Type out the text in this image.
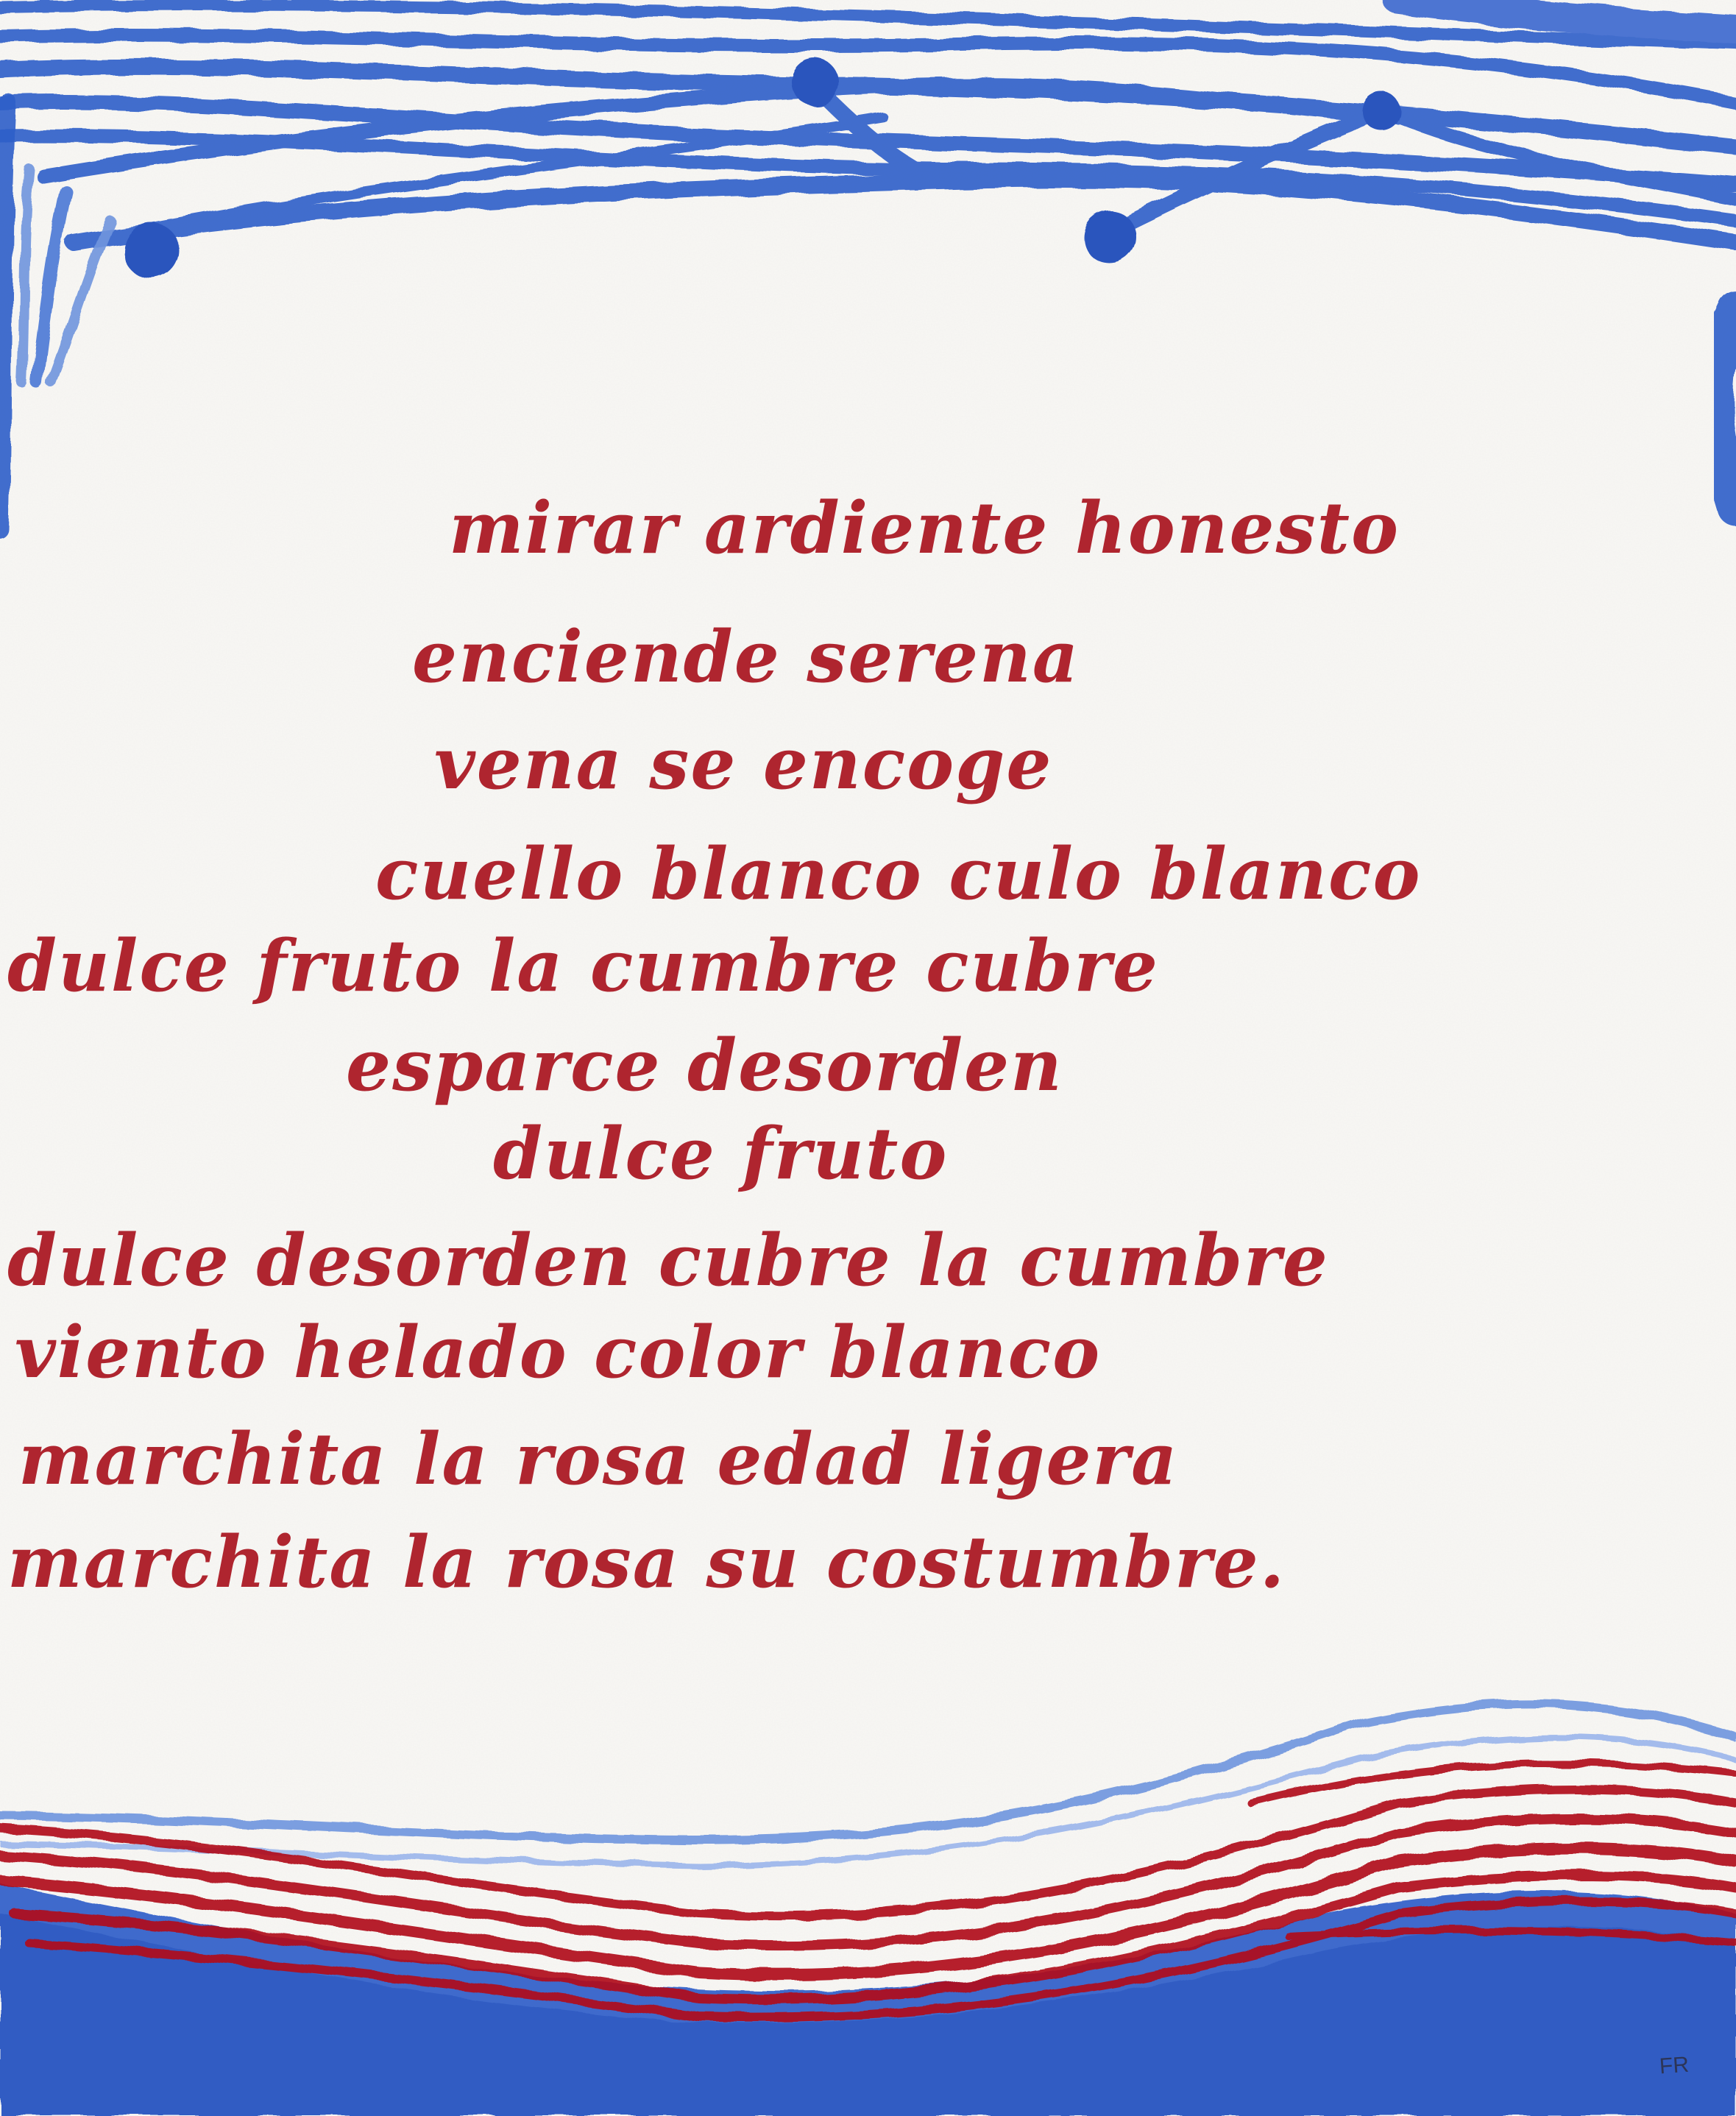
mirar ardiente honesto

enciende serena

vena se encoge

cuello blanco culo blanco

dulce fruto la cumbre cubre

esparce desorden

dulce fruto

dulce desorden cubre la cumbre

viento helado color blanco

marchita la rosa edad ligera

marchita la rosa su costumbre.

FR
